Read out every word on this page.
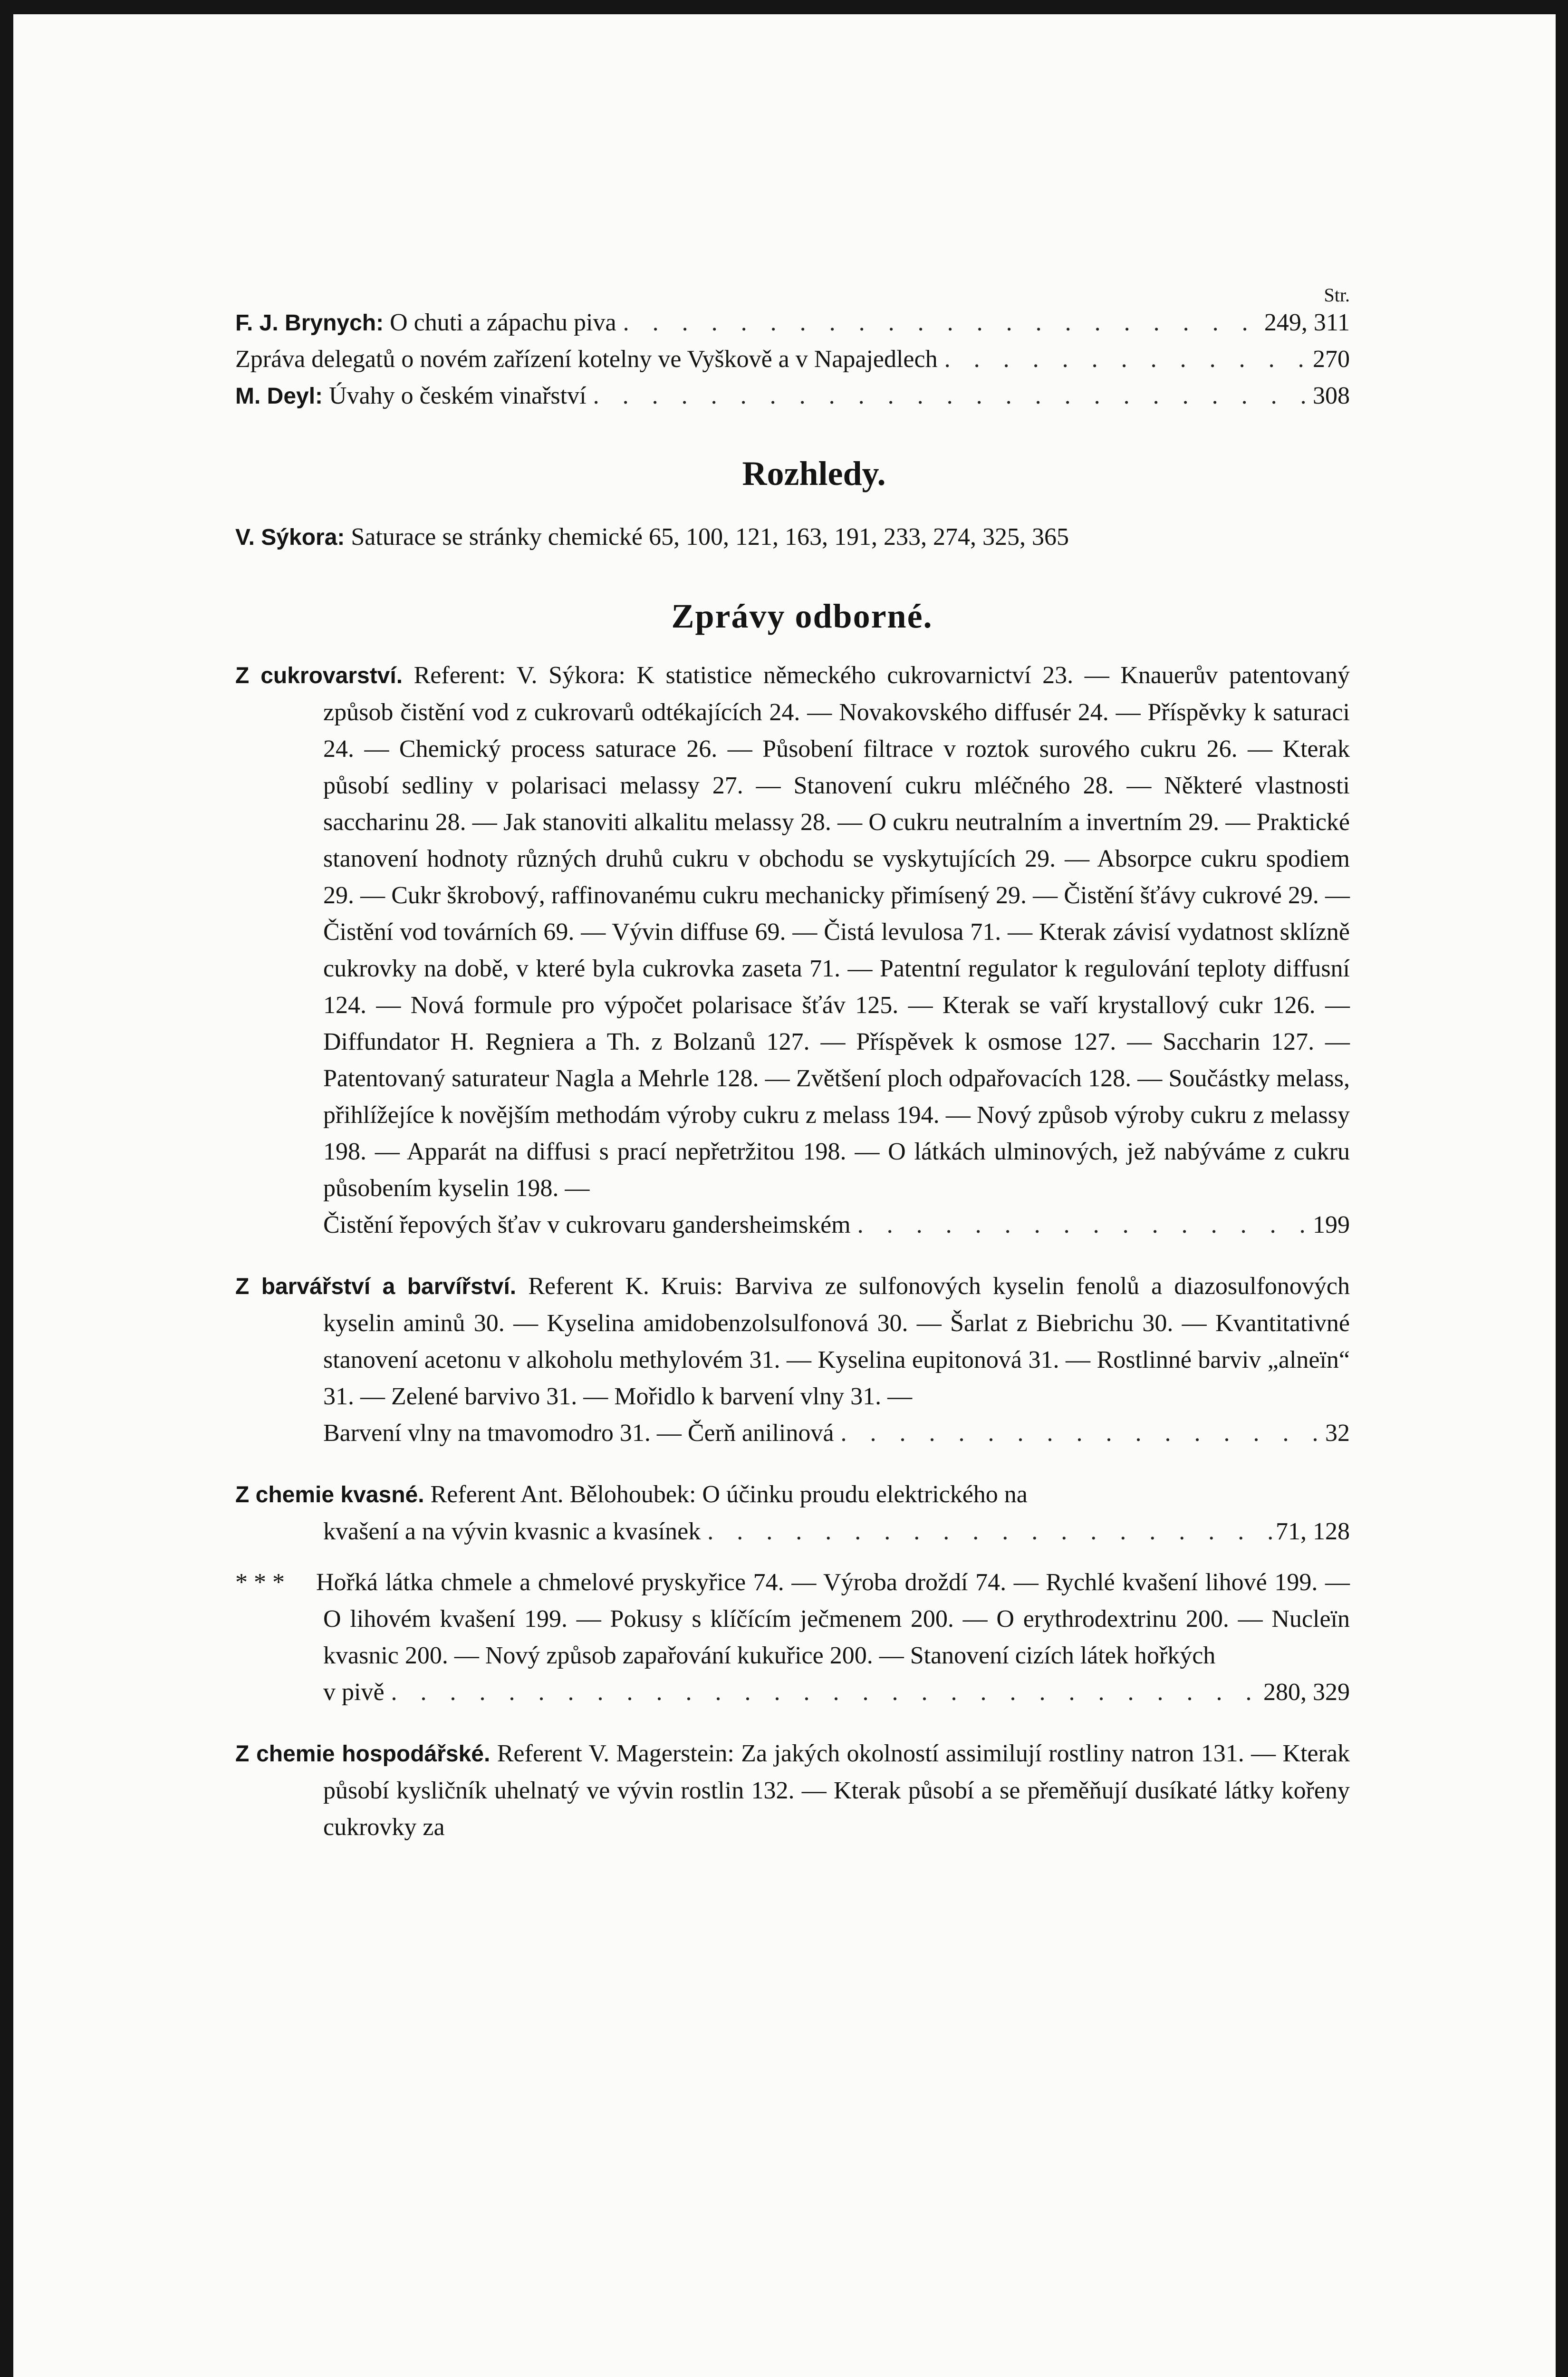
Str.
F. J. Brynych: O chuti a zápachu piva . . .	249, 311
Zpráva delegatů o novém zařízení kotelny ve Vyškově a v Napajedlech . . .	270
M. Deyl: Úvahy o českém vinařství . . .	308
Rozhledy.
V. Sýkora: Saturace se stránky chemické 65, 100, 121, 163, 191, 233, 274, 325, 365
Zprávy odborné.

Z cukrovarství. Referent: V. Sýkora: K statistice německého cukrovarnictví 23. — Knauerův patentovaný způsob čistění vod z cukrovarů odtékajících 24. — Novakovského diffusér 24. — Příspěvky k saturaci 24. — Chemický process saturace 26. — Působení filtrace v roztok surového cukru 26. — Kterak působí sedliny v polarisaci melassy 27. — Stanovení cukru mléčného 28. — Některé vlastnosti saccharinu 28. — Jak stanoviti alkalitu melassy 28. — O cukru neutralním a invertním 29. — Praktické stanovení hodnoty různých druhů cukru v obchodu se vyskytujících 29. — Absorpce cukru spodiem 29. — Cukr škrobový, raffinovanému cukru mechanicky přimísený 29. — Čistění šťávy cukrové 29. — Čistění vod továrních 69. — Vývin diffuse 69. — Čistá levulosa 71. — Kterak závisí vydatnost sklízně cukrovky na době, v které byla cukrovka zaseta 71. — Patentní regulator k regulování teploty diffusní 124. — Nová formule pro výpočet polarisace šťáv 125. — Kterak se vaří krystallový cukr 126. — Diffundator H. Regniera a Th. z Bolzanů 127. — Příspěvek k osmose 127. — Saccharin 127. — Patentovaný saturateur Nagla a Mehrle 128. — Zvětšení ploch odpařovacích 128. — Součástky melass, přihlížejíce k novějším methodám výroby cukru z melass 194. — Nový způsob výroby cukru z melassy 198. — Apparát na diffusi s prací nepřetržitou 198. — O látkách ulminových, jež nabýváme z cukru působením kyselin 198. —

Čistění řepových šťav v cukrovaru gandersheimském . . .	199

Z barvářství a barvířství. Referent K. Kruis: Barviva ze sulfonových kyselin fenolů a diazosulfonových kyselin aminů 30. — Kyselina amidobenzolsulfonová 30. — Šarlat z Biebrichu 30. — Kvantitativné stanovení acetonu v alkoholu methylovém 31. — Kyselina eupitonová 31. — Rostlinné barviv „alneïn“ 31. — Zelené barvivo 31. — Mořidlo k barvení vlny 31. —

Barvení vlny na tmavomodro 31. — Čerň anilinová . . .	32

Z chemie kvasné. Referent Ant. Bělohoubek: O účinku proudu elektrického na

kvašení a na vývin kvasnic a kvasínek . . .	71, 128

* * * Hořká látka chmele a chmelové pryskyřice 74. — Výroba droždí 74. — Rychlé kvašení lihové 199. — O lihovém kvašení 199. — Pokusy s klíčícím ječmenem 200. — O erythrodextrinu 200. — Nucleïn kvasnic 200. — Nový způsob zapařování kukuřice 200. — Stanovení cizích látek hořkých

v pivě . . .	280, 329

Z chemie hospodářské. Referent V. Magerstein: Za jakých okolností assimilují rostliny natron 131. — Kterak působí kysličník uhelnatý ve vývin rostlin 132. — Kterak působí a se přeměňují dusíkaté látky kořeny cukrovky za
